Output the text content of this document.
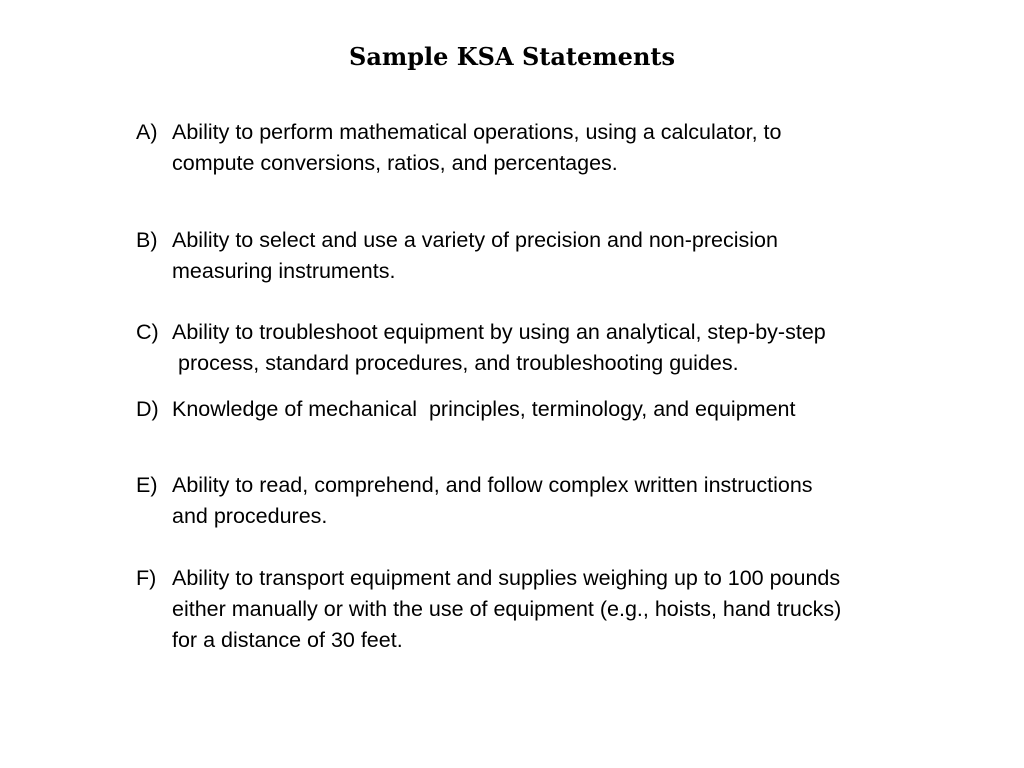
Sample KSA Statements
A) Ability to perform mathematical operations, using a calculator, to
compute conversions, ratios, and percentages.
B) Ability to select and use a variety of precision and non-precision
measuring instruments.
C) Ability to troubleshoot equipment by using an analytical, step-by-step
process, standard procedures, and troubleshooting guides.
D) Knowledge of mechanical  principles, terminology, and equipment
E) Ability to read, comprehend, and follow complex written instructions
and procedures.
F) Ability to transport equipment and supplies weighing up to 100 pounds
either manually or with the use of equipment (e.g., hoists, hand trucks)
for a distance of 30 feet.
